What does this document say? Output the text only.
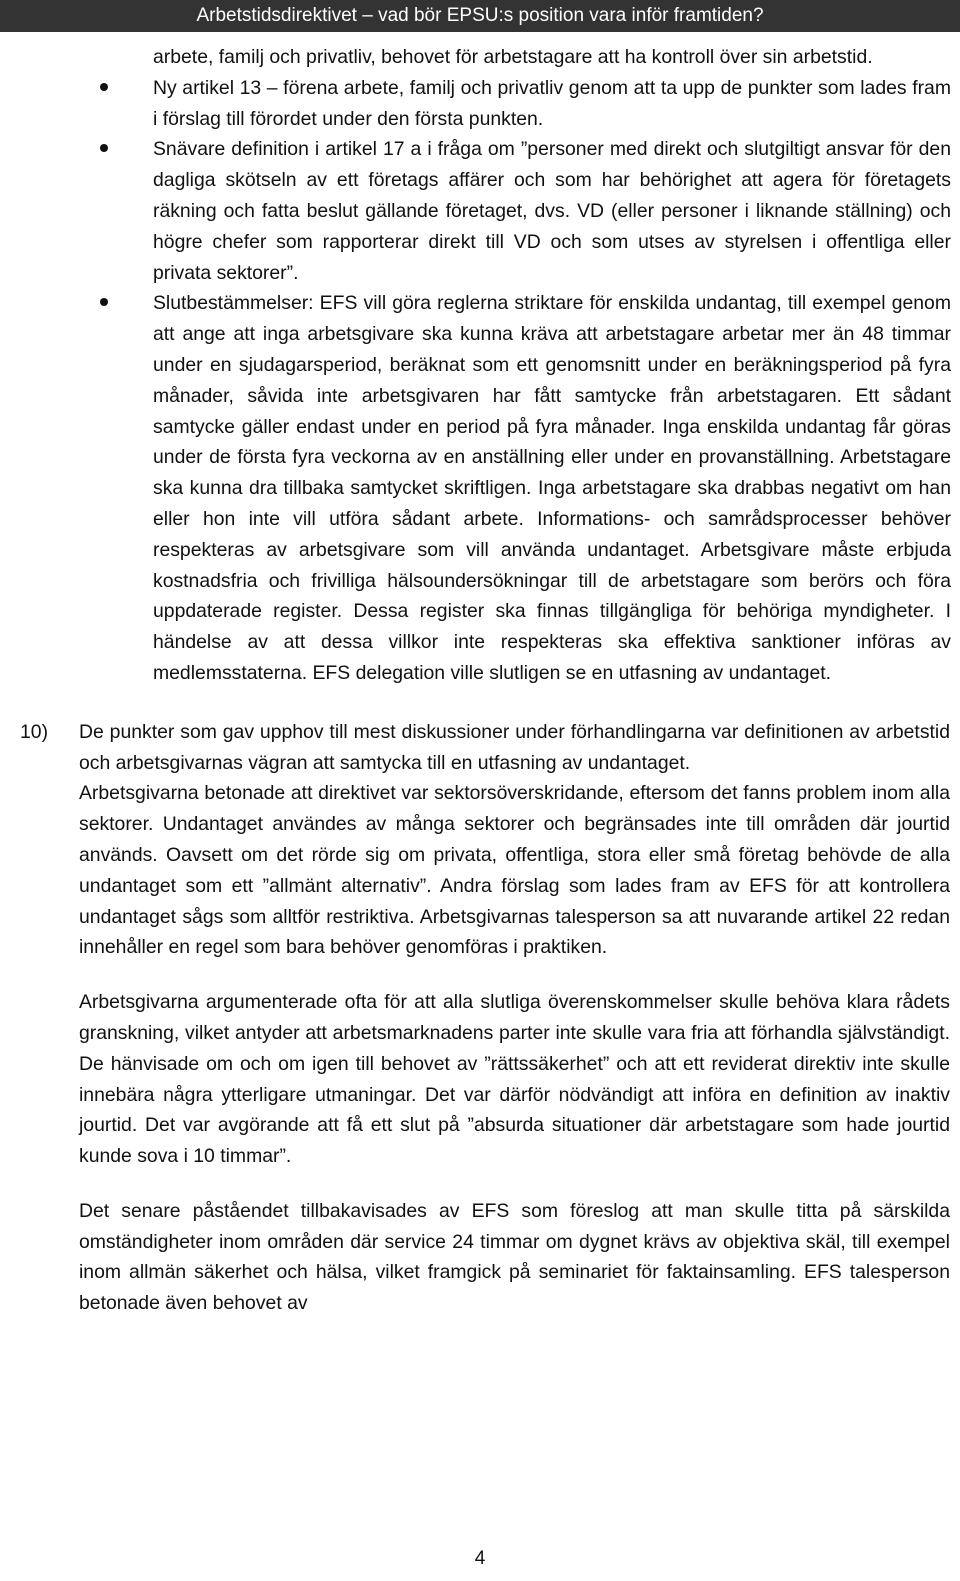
Arbetstidsdirektivet – vad bör EPSU:s position vara inför framtiden?
arbete, familj och privatliv, behovet för arbetstagare att ha kontroll över sin arbetstid.
Ny artikel 13 – förena arbete, familj och privatliv genom att ta upp de punkter som lades fram i förslag till förordet under den första punkten.
Snävare definition i artikel 17 a i fråga om ”personer med direkt och slutgiltigt ansvar för den dagliga skötseln av ett företags affärer och som har behörighet att agera för företagets räkning och fatta beslut gällande företaget, dvs. VD (eller personer i liknande ställning) och högre chefer som rapporterar direkt till VD och som utses av styrelsen i offentliga eller privata sektorer”.
Slutbestämmelser: EFS vill göra reglerna striktare för enskilda undantag, till exempel genom att ange att inga arbetsgivare ska kunna kräva att arbetstagare arbetar mer än 48 timmar under en sjudagarsperiod, beräknat som ett genomsnitt under en beräkningsperiod på fyra månader, såvida inte arbetsgivaren har fått samtycke från arbetstagaren. Ett sådant samtycke gäller endast under en period på fyra månader. Inga enskilda undantag får göras under de första fyra veckorna av en anställning eller under en provanställning. Arbetstagare ska kunna dra tillbaka samtycket skriftligen. Inga arbetstagare ska drabbas negativt om han eller hon inte vill utföra sådant arbete. Informations- och samrådsprocesser behöver respekteras av arbetsgivare som vill använda undantaget. Arbetsgivare måste erbjuda kostnadsfria och frivilliga hälsoundersökningar till de arbetstagare som berörs och föra uppdaterade register. Dessa register ska finnas tillgängliga för behöriga myndigheter. I händelse av att dessa villkor inte respekteras ska effektiva sanktioner införas av medlemsstaterna. EFS delegation ville slutligen se en utfasning av undantaget.
10) De punkter som gav upphov till mest diskussioner under förhandlingarna var definitionen av arbetstid och arbetsgivarnas vägran att samtycka till en utfasning av undantaget.

Arbetsgivarna betonade att direktivet var sektorsöverskridande, eftersom det fanns problem inom alla sektorer. Undantaget användes av många sektorer och begränsades inte till områden där jourtid används. Oavsett om det rörde sig om privata, offentliga, stora eller små företag behövde de alla undantaget som ett ”allmänt alternativ”. Andra förslag som lades fram av EFS för att kontrollera undantaget sågs som alltför restriktiva. Arbetsgivarnas talesperson sa att nuvarande artikel 22 redan innehåller en regel som bara behöver genomföras i praktiken.

Arbetsgivarna argumenterade ofta för att alla slutliga överenskommelser skulle behöva klara rådets granskning, vilket antyder att arbetsmarknadens parter inte skulle vara fria att förhandla självständigt. De hänvisade om och om igen till behovet av ”rättssäkerhet” och att ett reviderat direktiv inte skulle innebära några ytterligare utmaningar. Det var därför nödvändigt att införa en definition av inaktiv jourtid. Det var avgörande att få ett slut på ”absurda situationer där arbetstagare som hade jourtid kunde sova i 10 timmar”.

Det senare påståendet tillbakavisades av EFS som föreslog att man skulle titta på särskilda omständigheter inom områden där service 24 timmar om dygnet krävs av objektiva skäl, till exempel inom allmän säkerhet och hälsa, vilket framgick på seminariet för faktainsamling. EFS talesperson betonade även behovet av

4
